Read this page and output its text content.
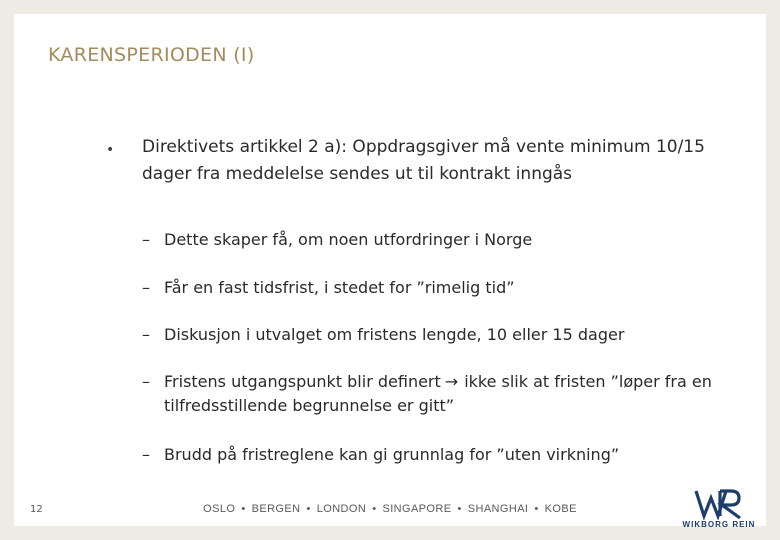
KARENSPERIODEN (I)
• Direktivets artikkel 2 a): Oppdragsgiver må vente minimum 10/15
dager fra meddelelse sendes ut til kontrakt inngås
– Dette skaper få, om noen utfordringer i Norge
– Får en fast tidsfrist, i stedet for ”rimelig tid”
– Diskusjon i utvalget om fristens lengde, 10 eller 15 dager
– Fristens utgangspunkt blir definert → ikke slik at fristen ”løper fra en tilfredsstillende begrunnelse er gitt”
– Brudd på fristreglene kan gi grunnlag for ”uten virkning”
12	OSLO • BERGEN • LONDON • SINGAPORE • SHANGHAI • KOBE
WIKBORG REIN
